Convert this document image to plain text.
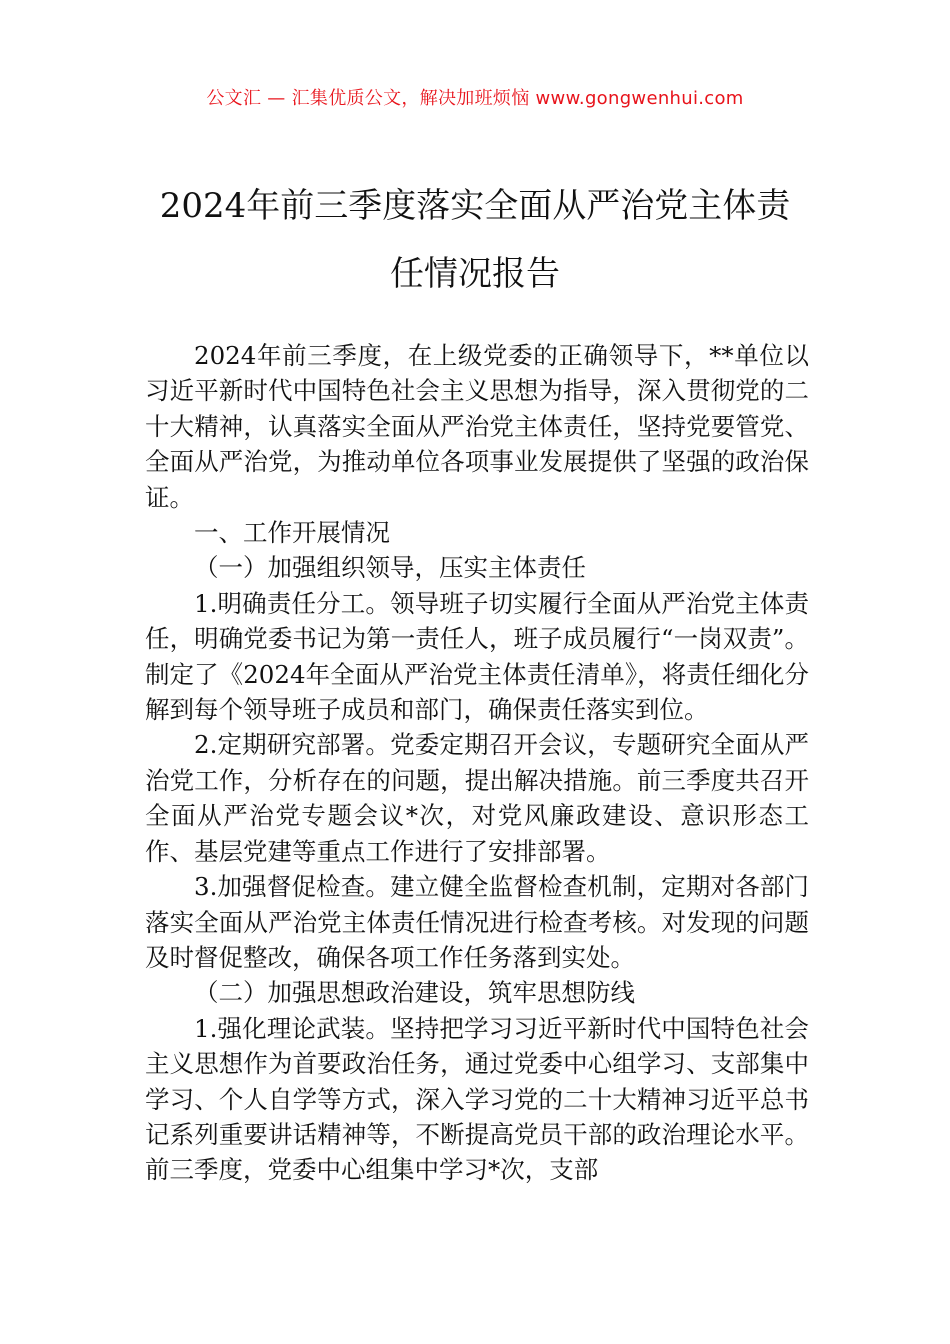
公文汇 — 汇集优质公文，解决加班烦恼 www.gongwenhui.com
2024年前三季度落实全面从严治党主体责
任情况报告

2024年前三季度，在上级党委的正确领导下，**单位以习近平新时代中国特色社会主义思想为指导，深入贯彻党的二十大精神，认真落实全面从严治党主体责任，坚持党要管党、全面从严治党，为推动单位各项事业发展提供了坚强的政治保证。

一、工作开展情况

（一）加强组织领导，压实主体责任

1.明确责任分工。领导班子切实履行全面从严治党主体责任，明确党委书记为第一责任人，班子成员履行“一岗双责”。制定了《2024年全面从严治党主体责任清单》，将责任细化分解到每个领导班子成员和部门，确保责任落实到位。

2.定期研究部署。党委定期召开会议，专题研究全面从严治党工作，分析存在的问题，提出解决措施。前三季度共召开全面从严治党专题会议*次，对党风廉政建设、意识形态工作、基层党建等重点工作进行了安排部署。

3.加强督促检查。建立健全监督检查机制，定期对各部门落实全面从严治党主体责任情况进行检查考核。对发现的问题及时督促整改，确保各项工作任务落到实处。

（二）加强思想政治建设，筑牢思想防线

1.强化理论武装。坚持把学习习近平新时代中国特色社会主义思想作为首要政治任务，通过党委中心组学习、支部集中学习、个人自学等方式，深入学习党的二十大精神习近平总书记系列重要讲话精神等，不断提高党员干部的政治理论水平。前三季度，党委中心组集中学习*次，支部
